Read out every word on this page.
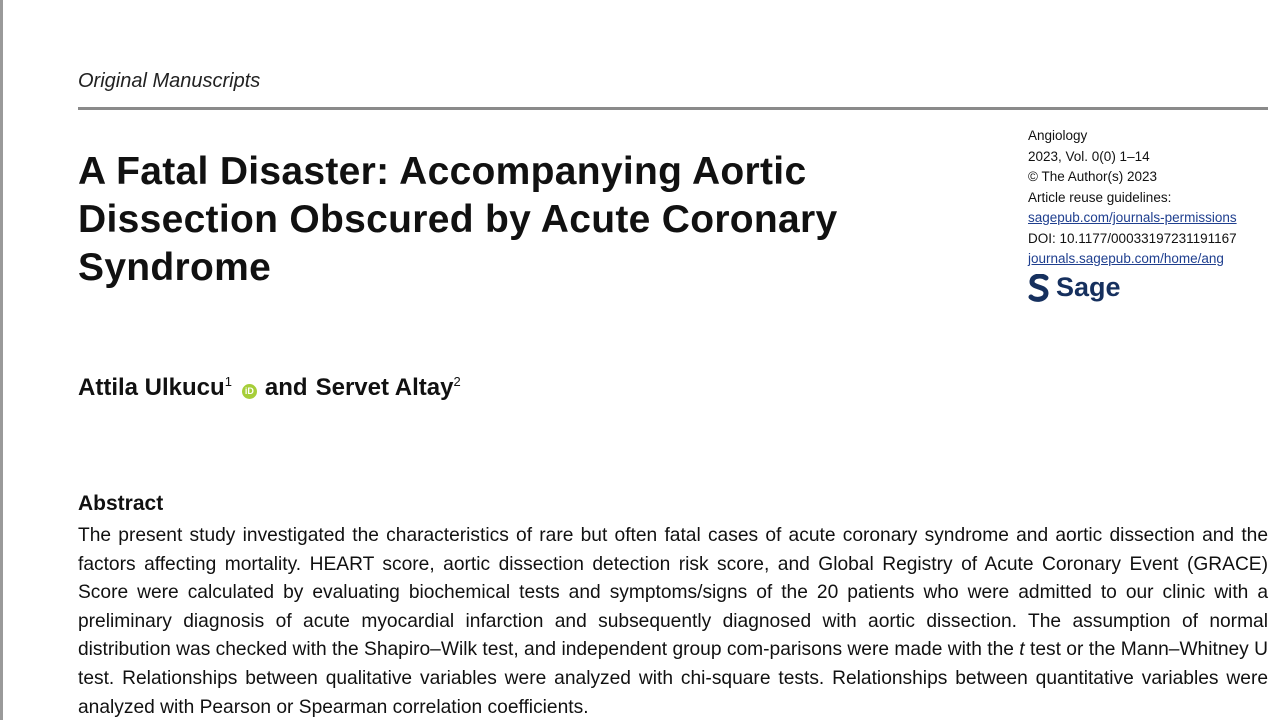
Original Manuscripts
A Fatal Disaster: Accompanying Aortic Dissection Obscured by Acute Coronary Syndrome
Angiology
2023, Vol. 0(0) 1–14
© The Author(s) 2023
Article reuse guidelines:
sagepub.com/journals-permissions
DOI: 10.1177/00033197231191167
journals.sagepub.com/home/ang
Sage
Attila Ulkucu$^1$
iD and Servet Altay$^2$
Abstract

The present study investigated the characteristics of rare but often fatal cases of acute coronary syndrome and aortic dissection and the factors affecting mortality. HEART score, aortic dissection detection risk score, and Global Registry of Acute Coronary Event (GRACE) Score were calculated by evaluating biochemical tests and symptoms/signs of the 20 patients who were admitted to our clinic with a preliminary diagnosis of acute myocardial infarction and subsequently diagnosed with aortic dissection. The assumption of normal distribution was checked with the Shapiro–Wilk test, and independent group com-parisons were made with the t test or the Mann–Whitney U test. Relationships between qualitative variables were analyzed with chi-square tests. Relationships between quantitative variables were analyzed with Pearson or Spearman correlation coefficients.
